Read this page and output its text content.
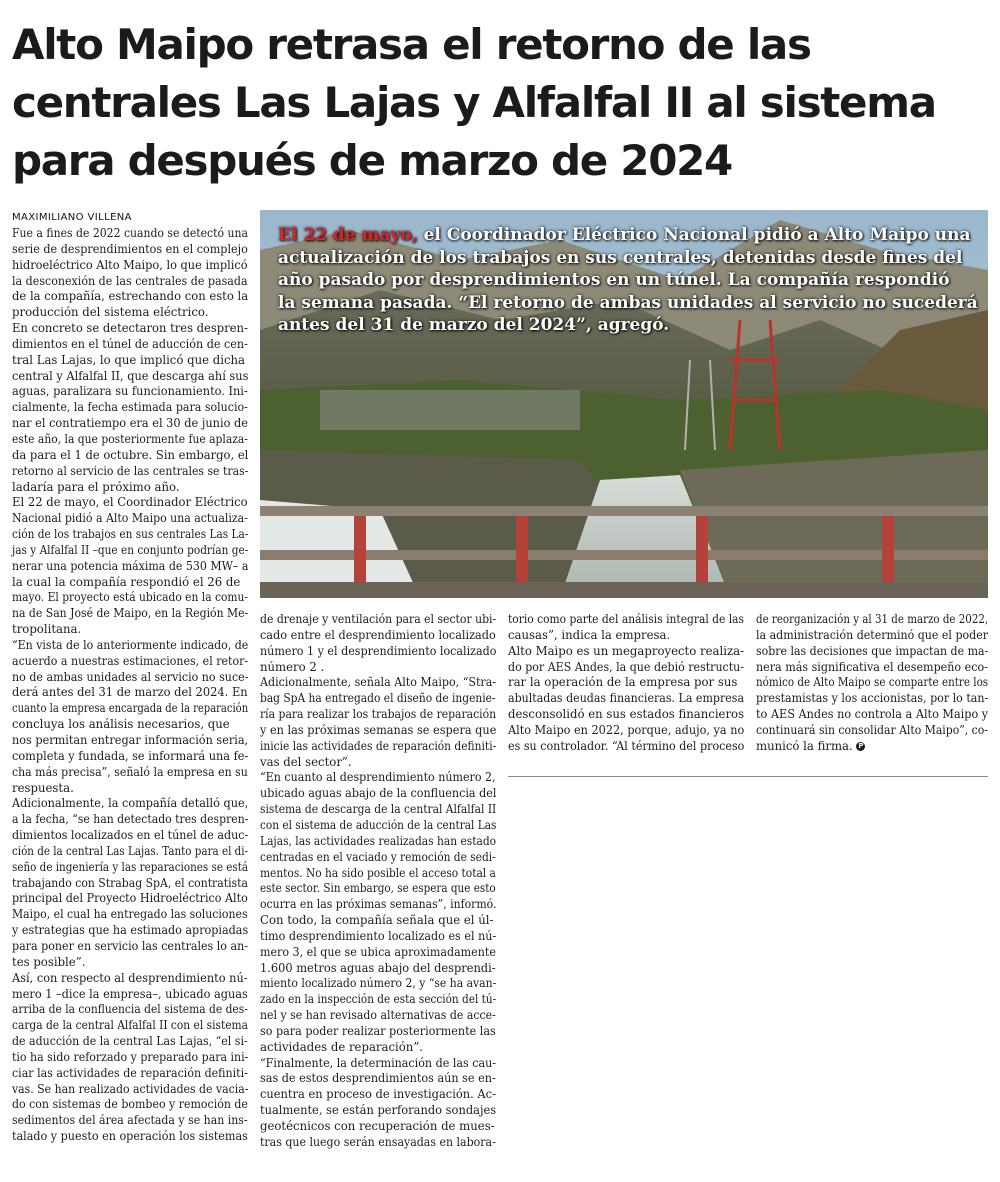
Alto Maipo retrasa el retorno de las
centrales Las Lajas y Alfalfal II al sistema
para después de marzo de 2024
MAXIMILIANO VILLENA

Fue a fines de 2022 cuando se detectó una

serie de desprendimientos en el complejo

hidroeléctrico Alto Maipo, lo que implicó

la desconexión de las centrales de pasada

de la compañía, estrechando con esto la

producción del sistema eléctrico.

En concreto se detectaron tres despren-

dimientos en el túnel de aducción de cen-

tral Las Lajas, lo que implicó que dicha

central y Alfalfal II, que descarga ahí sus

aguas, paralizara su funcionamiento. Ini-

cialmente, la fecha estimada para solucio-

nar el contratiempo era el 30 de junio de

este año, la que posteriormente fue aplaza-

da para el 1 de octubre. Sin embargo, el

retorno al servicio de las centrales se tras-

ladaría para el próximo año.

El 22 de mayo, el Coordinador Eléctrico

Nacional pidió a Alto Maipo una actualiza-

ción de los trabajos en sus centrales Las La-

jas y Alfalfal II –que en conjunto podrían ge-

nerar una potencia máxima de 530 MW– a

la cual la compañía respondió el 26 de

mayo. El proyecto está ubicado en la comu-

na de San José de Maipo, en la Región Me-

tropolitana.

“En vista de lo anteriormente indicado, de

acuerdo a nuestras estimaciones, el retor-

no de ambas unidades al servicio no suce-

derá antes del 31 de marzo del 2024. En

cuanto la empresa encargada de la reparación

concluya los análisis necesarios, que

nos permitan entregar información seria,

completa y fundada, se informará una fe-

cha más precisa”, señaló la empresa en su

respuesta.

Adicionalmente, la compañía detalló que,

a la fecha, “se han detectado tres despren-

dimientos localizados en el túnel de aduc-

ción de la central Las Lajas. Tanto para el di-

seño de ingeniería y las reparaciones se está

trabajando con Strabag SpA, el contratista

principal del Proyecto Hidroeléctrico Alto

Maipo, el cual ha entregado las soluciones

y estrategias que ha estimado apropiadas

para poner en servicio las centrales lo an-

tes posible”.

Así, con respecto al desprendimiento nú-

mero 1 –dice la empresa–, ubicado aguas

arriba de la confluencia del sistema de des-

carga de la central Alfalfal II con el sistema

de aducción de la central Las Lajas, “el si-

tio ha sido reforzado y preparado para ini-

ciar las actividades de reparación definiti-

vas. Se han realizado actividades de vacia-

do con sistemas de bombeo y remoción de

sedimentos del área afectada y se han ins-

talado y puesto en operación los sistemas

El 22 de mayo, el Coordinador Eléctrico Nacional pidió a Alto Maipo una
actualización de los trabajos en sus centrales, detenidas desde fines del
año pasado por desprendimientos en un túnel. La compañía respondió
la semana pasada. “El retorno de ambas unidades al servicio no sucederá
antes del 31 de marzo del 2024”, agregó.

de drenaje y ventilación para el sector ubi-

cado entre el desprendimiento localizado

número 1 y el desprendimiento localizado

número 2 .

Adicionalmente, señala Alto Maipo, “Stra-

bag SpA ha entregado el diseño de ingenie-

ría para realizar los trabajos de reparación

y en las próximas semanas se espera que

inicie las actividades de reparación definiti-

vas del sector”.

“En cuanto al desprendimiento número 2,

ubicado aguas abajo de la confluencia del

sistema de descarga de la central Alfalfal II

con el sistema de aducción de la central Las

Lajas, las actividades realizadas han estado

centradas en el vaciado y remoción de sedi-

mentos. No ha sido posible el acceso total a

este sector. Sin embargo, se espera que esto

ocurra en las próximas semanas”, informó.

Con todo, la compañía señala que el úl-

timo desprendimiento localizado es el nú-

mero 3, el que se ubica aproximadamente

1.600 metros aguas abajo del desprendi-

miento localizado número 2, y “se ha avan-

zado en la inspección de esta sección del tú-

nel y se han revisado alternativas de acce-

so para poder realizar posteriormente las

actividades de reparación”.

“Finalmente, la determinación de las cau-

sas de estos desprendimientos aún se en-

cuentra en proceso de investigación. Ac-

tualmente, se están perforando sondajes

geotécnicos con recuperación de mues-

tras que luego serán ensayadas en labora-

torio como parte del análisis integral de las

causas”, indica la empresa.

Alto Maipo es un megaproyecto realiza-

do por AES Andes, la que debió restructu-

rar la operación de la empresa por sus

abultadas deudas financieras. La empresa

desconsolidó en sus estados financieros

Alto Maipo en 2022, porque, adujo, ya no

es su controlador. “Al término del proceso

de reorganización y al 31 de marzo de 2022,

la administración determinó que el poder

sobre las decisiones que impactan de ma-

nera más significativa el desempeño eco-

nómico de Alto Maipo se comparte entre los

prestamistas y los accionistas, por lo tan-

to AES Andes no controla a Alto Maipo y

continuará sin consolidar Alto Maipo”, co-

municó la firma. P
